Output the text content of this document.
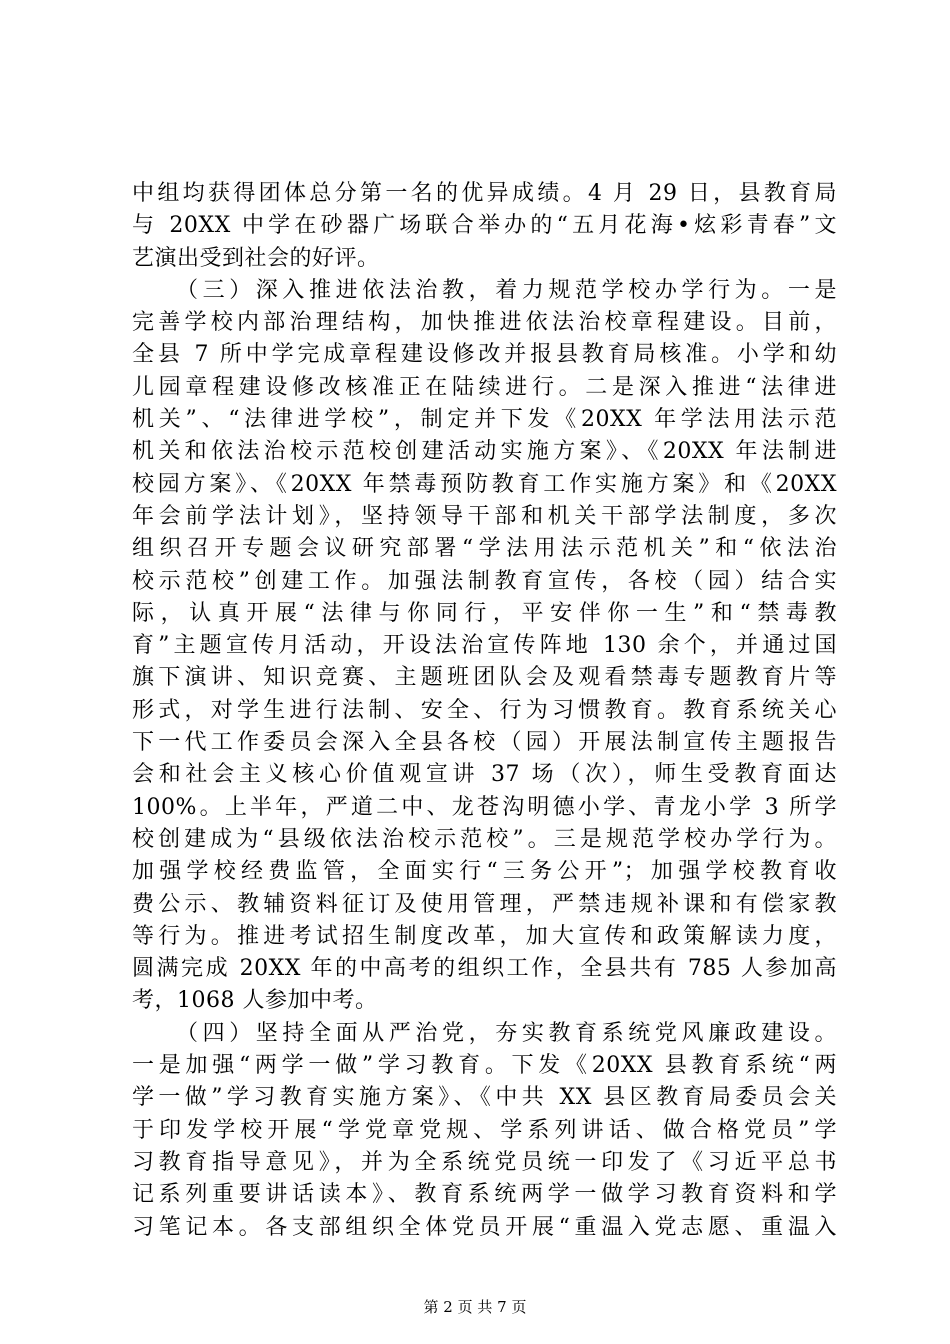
中组均获得团体总分第一名的优异成绩。4 月 29 日，县教育局
与 20XX 中学在砂器广场联合举办的“五月花海•炫彩青春”文
艺演出受到社会的好评。
（三）深入推进依法治教，着力规范学校办学行为。一是
完善学校内部治理结构，加快推进依法治校章程建设。目前，
全县 7 所中学完成章程建设修改并报县教育局核准。小学和幼
儿园章程建设修改核准正在陆续进行。二是深入推进“法律进
机关”、“法律进学校”，制定并下发《20XX 年学法用法示范
机关和依法治校示范校创建活动实施方案》、《20XX 年法制进
校园方案》、《20XX 年禁毒预防教育工作实施方案》和《20XX
年会前学法计划》，坚持领导干部和机关干部学法制度，多次
组织召开专题会议研究部署“学法用法示范机关”和“依法治
校示范校”创建工作。加强法制教育宣传，各校（园）结合实
际，认真开展“法律与你同行，平安伴你一生”和“禁毒教
育”主题宣传月活动，开设法治宣传阵地 130 余个，并通过国
旗下演讲、知识竞赛、主题班团队会及观看禁毒专题教育片等
形式，对学生进行法制、安全、行为习惯教育。教育系统关心
下一代工作委员会深入全县各校（园）开展法制宣传主题报告
会和社会主义核心价值观宣讲 37 场（次），师生受教育面达
100%。上半年，严道二中、龙苍沟明德小学、青龙小学 3 所学
校创建成为“县级依法治校示范校”。三是规范学校办学行为。
加强学校经费监管，全面实行“三务公开”；加强学校教育收
费公示、教辅资料征订及使用管理，严禁违规补课和有偿家教
等行为。推进考试招生制度改革，加大宣传和政策解读力度，
圆满完成 20XX 年的中高考的组织工作，全县共有 785 人参加高
考，1068 人参加中考。
（四）坚持全面从严治党，夯实教育系统党风廉政建设。
一是加强“两学一做”学习教育。下发《20XX 县教育系统“两
学一做”学习教育实施方案》、《中共 XX 县区教育局委员会关
于印发学校开展“学党章党规、学系列讲话、做合格党员”学
习教育指导意见》，并为全系统党员统一印发了《习近平总书
记系列重要讲话读本》、教育系统两学一做学习教育资料和学
习笔记本。各支部组织全体党员开展“重温入党志愿、重温入
第 2 页 共 7 页
